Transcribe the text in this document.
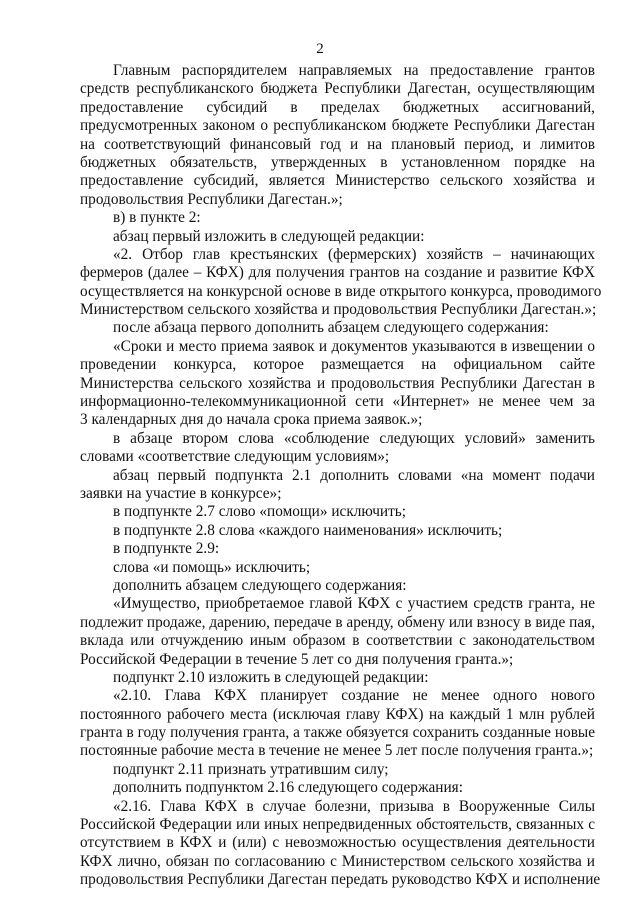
2
Главным распорядителем направляемых на предоставление грантов
средств республиканского бюджета Республики Дагестан, осуществляющим
предоставление субсидий в пределах бюджетных ассигнований,
предусмотренных законом о республиканском бюджете Республики Дагестан
на соответствующий финансовый год и на плановый период, и лимитов
бюджетных обязательств, утвержденных в установленном порядке на
предоставление субсидий, является Министерство сельского хозяйства и
продовольствия Республики Дагестан.»;
в) в пункте 2:
абзац первый изложить в следующей редакции:
«2. Отбор глав крестьянских (фермерских) хозяйств – начинающих
фермеров (далее – КФХ) для получения грантов на создание и развитие КФХ
осуществляется на конкурсной основе в виде открытого конкурса, проводимого
Министерством сельского хозяйства и продовольствия Республики Дагестан.»;
после абзаца первого дополнить абзацем следующего содержания:
«Сроки и место приема заявок и документов указываются в извещении о
проведении конкурса, которое размещается на официальном сайте
Министерства сельского хозяйства и продовольствия Республики Дагестан в
информационно-телекоммуникационной сети «Интернет» не менее чем за
3 календарных дня до начала срока приема заявок.»;
в абзаце втором слова «соблюдение следующих условий» заменить
словами «соответствие следующим условиям»;
абзац первый подпункта 2.1 дополнить словами «на момент подачи
заявки на участие в конкурсе»;
в подпункте 2.7 слово «помощи» исключить;
в подпункте 2.8 слова «каждого наименования» исключить;
в подпункте 2.9:
слова «и помощь» исключить;
дополнить абзацем следующего содержания:
«Имущество, приобретаемое главой КФХ с участием средств гранта, не
подлежит продаже, дарению, передаче в аренду, обмену или взносу в виде пая,
вклада или отчуждению иным образом в соответствии с законодательством
Российской Федерации в течение 5 лет со дня получения гранта.»;
подпункт 2.10 изложить в следующей редакции:
«2.10. Глава КФХ планирует создание не менее одного нового
постоянного рабочего места (исключая главу КФХ) на каждый 1 млн рублей
гранта в году получения гранта, а также обязуется сохранить созданные новые
постоянные рабочие места в течение не менее 5 лет после получения гранта.»;
подпункт 2.11 признать утратившим силу;
дополнить подпунктом 2.16 следующего содержания:
«2.16. Глава КФХ в случае болезни, призыва в Вооруженные Силы
Российской Федерации или иных непредвиденных обстоятельств, связанных с
отсутствием в КФХ и (или) с невозможностью осуществления деятельности
КФХ лично, обязан по согласованию с Министерством сельского хозяйства и
продовольствия Республики Дагестан передать руководство КФХ и исполнение
